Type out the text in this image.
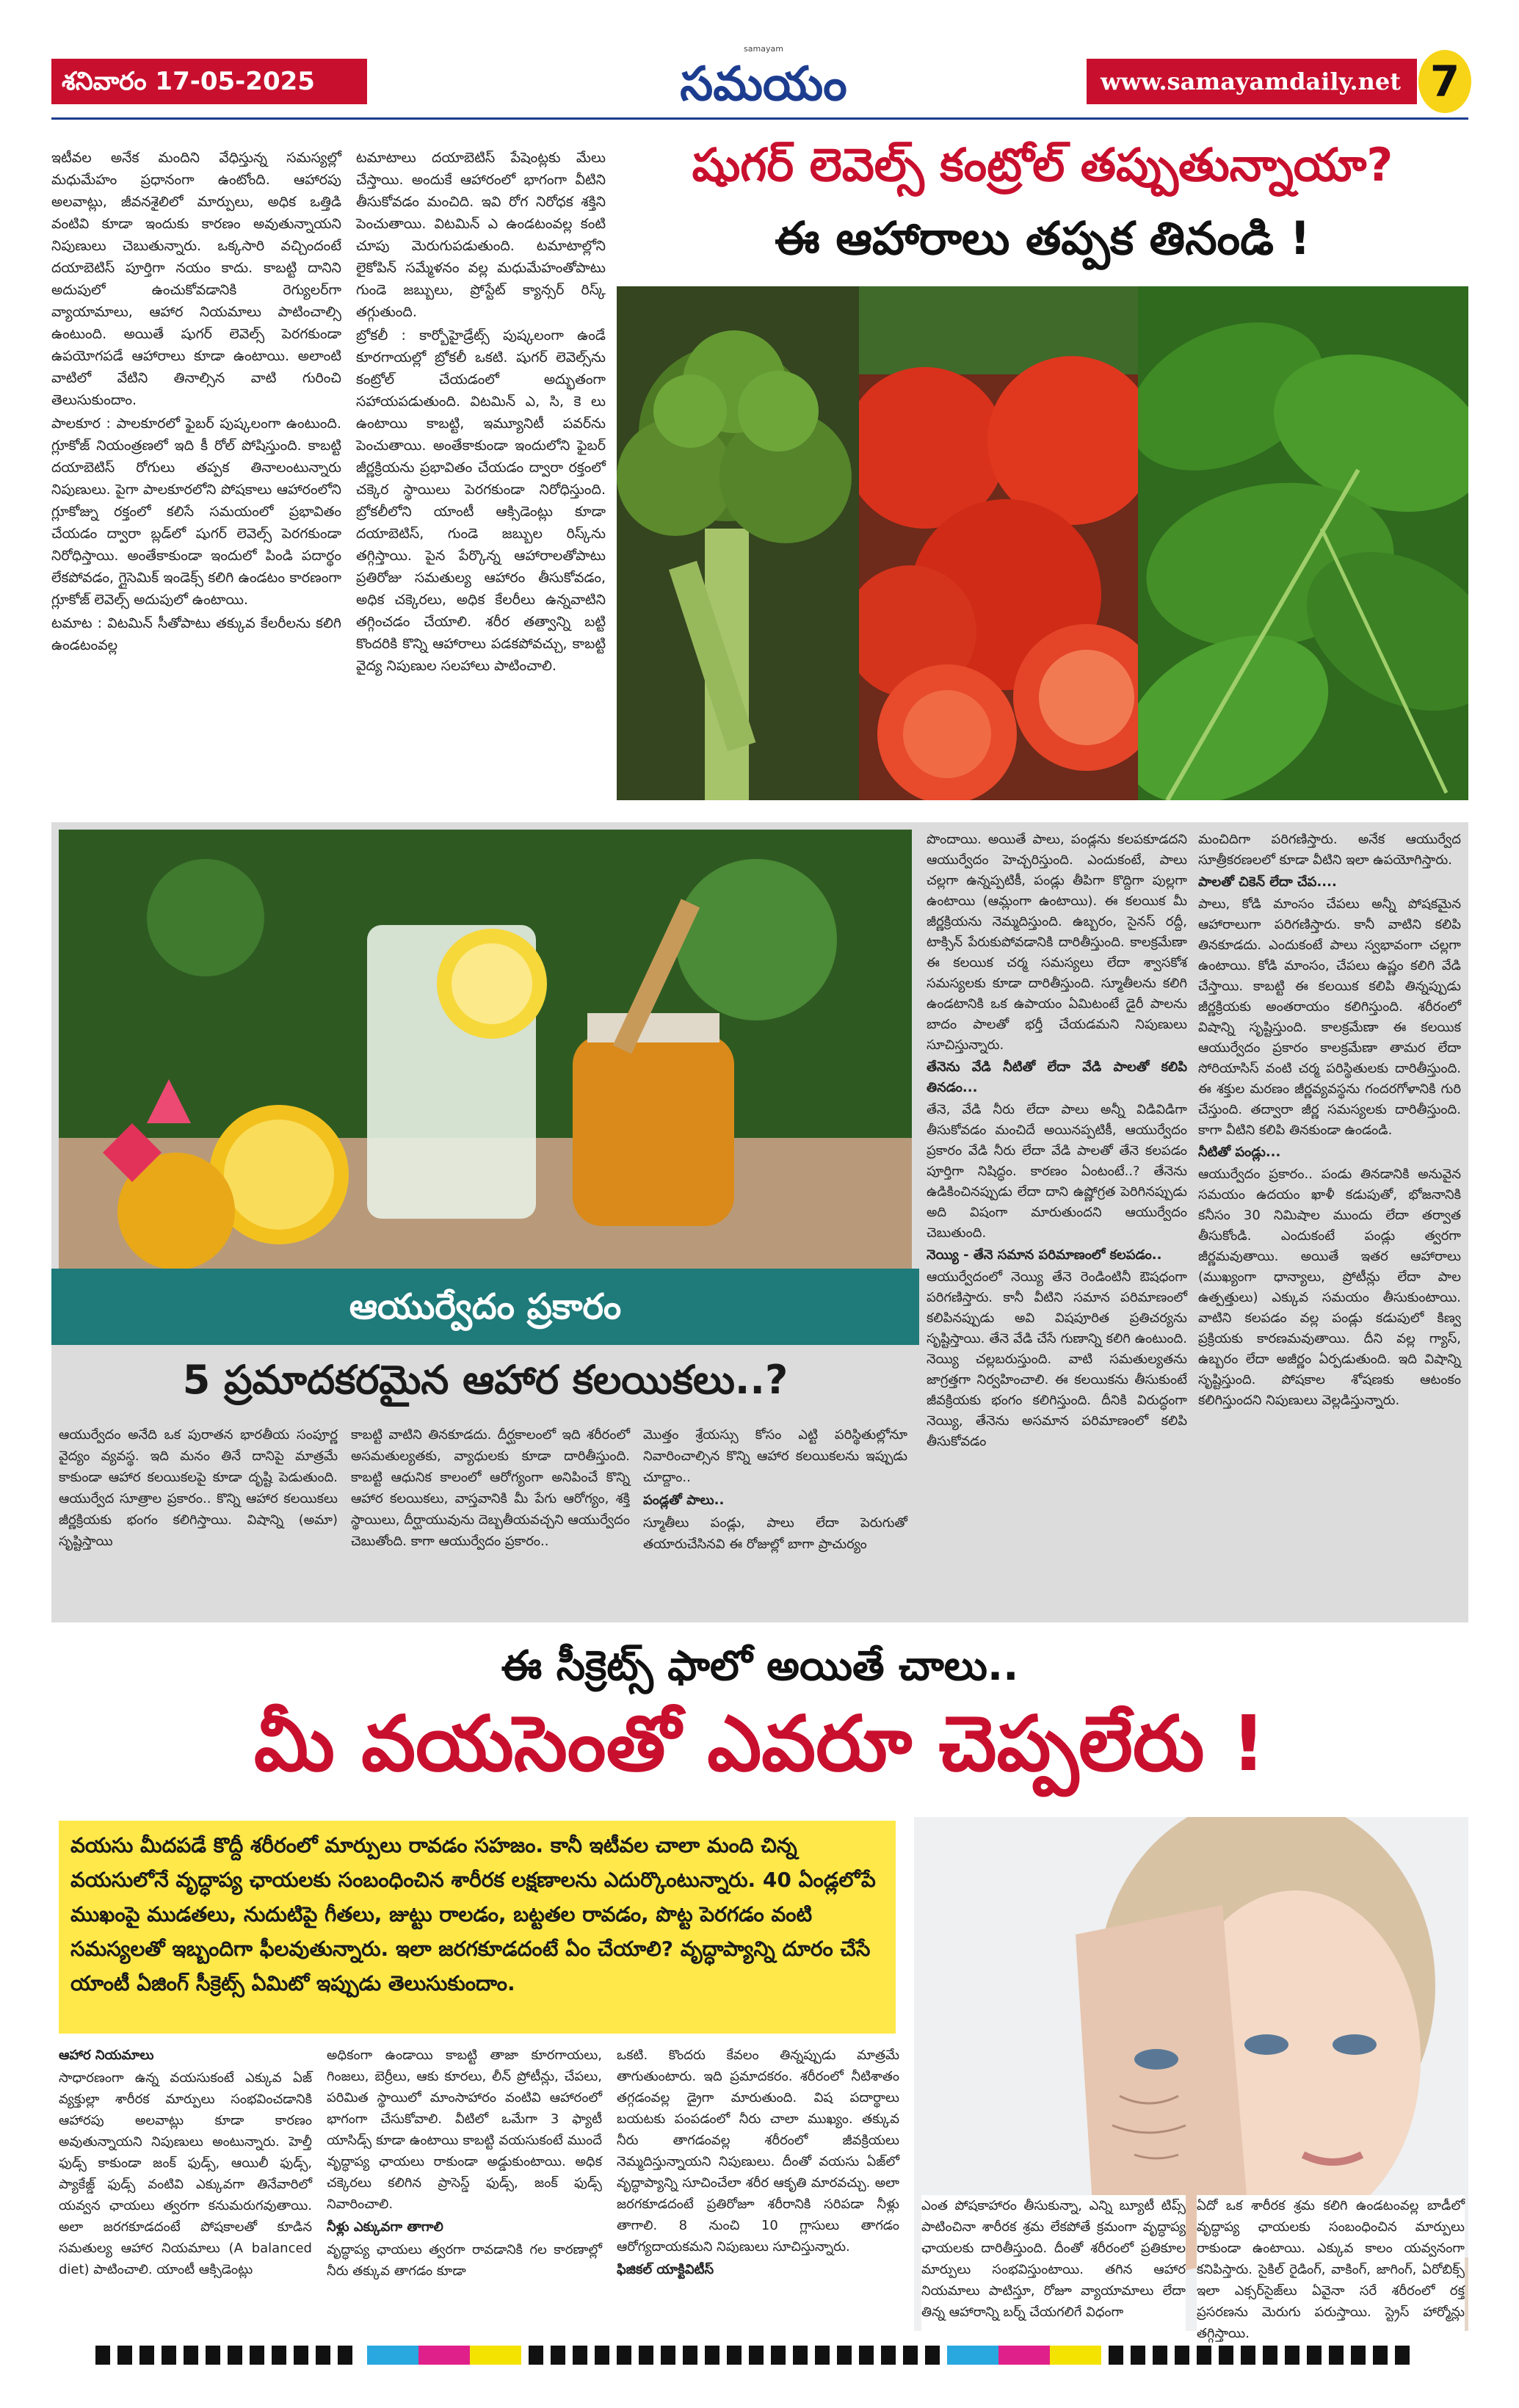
శనివారం 17-05-2025
samayam
సమయం	www.samayamdaily.net 7

ఇటీవల అనేక మందిని వేధిస్తున్న సమస్యల్లో మధుమేహం ప్రధానంగా ఉంటోంది. ఆహారపు అలవాట్లు, జీవనశైలిలో మార్పులు, అధిక ఒత్తిడి వంటివి కూడా ఇందుకు కారణం అవుతున్నాయని నిపుణులు చెబుతున్నారు. ఒక్కసారి వచ్చిందంటే దయాబెటిస్ పూర్తిగా నయం కాదు. కాబట్టి దానిని అదుపులో ఉంచుకోవడానికి రెగ్యులర్‌గా వ్యాయామాలు, ఆహార నియమాలు పాటించాల్సి ఉంటుంది. అయితే షుగర్ లెవెల్స్ పెరగకుండా ఉపయోగపడే ఆహారాలు కూడా ఉంటాయి. అలాంటి వాటిలో వేటిని తినాల్సిన వాటి గురించి తెలుసుకుందాం.

పాలకూర : పాలకూరలో ఫైబర్ పుష్కలంగా ఉంటుంది. గ్లూకోజ్ నియంత్రణలో ఇది కీ రోల్ పోషిస్తుంది. కాబట్టి దయాబెటిస్ రోగులు తప్పక తినాలంటున్నారు నిపుణులు. పైగా పాలకూరలోని పోషకాలు ఆహారంలోని గ్లూకోజ్ను రక్తంలో కలిసే సమయంలో ప్రభావితం చేయడం ద్వారా బ్లడ్‌లో షుగర్ లెవెల్స్ పెరగకుండా నిరోధిస్తాయి. అంతేకాకుండా ఇందులో పిండి పదార్థం లేకపోవడం, గ్లైసెమిక్ ఇండెక్స్ కలిగి ఉండటం కారణంగా గ్లూకోజ్ లెవెల్స్ అదుపులో ఉంటాయి.

టమాట : విటమిన్ సీతోపాటు తక్కువ కేలరీలను కలిగి ఉండటంవల్ల

టమాటాలు దయాబెటిస్ పేషెంట్లకు మేలు చేస్తాయి. అందుకే ఆహారంలో భాగంగా వీటిని తీసుకోవడం మంచిది. ఇవి రోగ నిరోధక శక్తిని పెంచుతాయి. విటమిన్ ఎ ఉండటంవల్ల కంటి చూపు మెరుగుపడుతుంది. టమాటాల్లోని లైకోపిన్ సమ్మేళనం వల్ల మధుమేహంతోపాటు గుండె జబ్బులు, ప్రోస్టేట్ క్యాన్సర్ రిస్క్ తగ్గుతుంది.

బ్రోకలీ : కార్బోహైడ్రేట్స్ పుష్కలంగా ఉండే కూరగాయల్లో బ్రోకలీ ఒకటి. షుగర్ లెవెల్స్‌ను కంట్రోల్ చేయడంలో అద్భుతంగా సహాయపడుతుంది. విటమిన్ ఎ, సి, కె లు ఉంటాయి కాబట్టి, ఇమ్యూనిటీ పవర్‌ను పెంచుతాయి. అంతేకాకుండా ఇందులోని ఫైబర్ జీర్ణక్రియను ప్రభావితం చేయడం ద్వారా రక్తంలో చక్కెర స్థాయిలు పెరగకుండా నిరోధిస్తుంది. బ్రోకలీలోని యాంటీ ఆక్సిడెంట్లు కూడా దయాబెటిస్, గుండె జబ్బుల రిస్క్‌ను తగ్గిస్తాయి. పైన పేర్కొన్న ఆహారాలతోపాటు ప్రతిరోజు సమతుల్య ఆహారం తీసుకోవడం, అధిక చక్కెరలు, అధిక కేలరీలు ఉన్నవాటిని తగ్గించడం చేయాలి. శరీర తత్వాన్ని బట్టి కొందరికి కొన్ని ఆహారాలు పడకపోవచ్చు, కాబట్టి వైద్య నిపుణుల సలహాలు పాటించాలి.

షుగర్ లెవెల్స్ కంట్రోల్ తప్పుతున్నాయా?
ఈ ఆహారాలు తప్పక తినండి !
ఆయుర్వేదం ప్రకారం
5 ప్రమాదకరమైన ఆహార కలయికలు..?

ఆయుర్వేదం అనేది ఒక పురాతన భారతీయ సంపూర్ణ వైద్యం వ్యవస్థ. ఇది మనం తినే దానిపై మాత్రమే కాకుండా ఆహార కలయికలపై కూడా దృష్టి పెడుతుంది. ఆయుర్వేద సూత్రాల ప్రకారం.. కొన్ని ఆహార కలయికలు జీర్ణక్రియకు భంగం కలిగిస్తాయి. విషాన్ని (అమా) సృష్టిస్తాయి

కాబట్టి వాటిని తినకూడదు. దీర్ఘకాలంలో ఇది శరీరంలో అసమతుల్యతకు, వ్యాధులకు కూడా దారితీస్తుంది. కాబట్టి ఆధునిక కాలంలో ఆరోగ్యంగా అనిపించే కొన్ని ఆహార కలయికలు, వాస్తవానికి మీ పేగు ఆరోగ్యం, శక్తి స్థాయిలు, దీర్ఘాయువును దెబ్బతీయవచ్చని ఆయుర్వేదం చెబుతోంది. కాగా ఆయుర్వేదం ప్రకారం..

మొత్తం శ్రేయస్సు కోసం ఎట్టి పరిస్థితుల్లోనూ నివారించాల్సిన కొన్ని ఆహార కలయికలను ఇప్పుడు చూద్దాం..

పండ్లతో పాలు..

స్మూతీలు పండ్లు, పాలు లేదా పెరుగుతో తయారుచేసినవి ఈ రోజుల్లో బాగా ప్రాచుర్యం

పొందాయి. అయితే పాలు, పండ్లను కలపకూడదని ఆయుర్వేదం హెచ్చరిస్తుంది. ఎందుకంటే, పాలు చల్లగా ఉన్నప్పటికీ, పండ్లు తీపిగా కొద్దిగా పుల్లగా ఉంటాయి (ఆమ్లంగా ఉంటాయి). ఈ కలయిక మీ జీర్ణక్రియను నెమ్మదిస్తుంది. ఉబ్బరం, సైనస్ రద్దీ, టాక్సిన్ పేరుకుపోవడానికి దారితీస్తుంది. కాలక్రమేణా ఈ కలయిక చర్మ సమస్యలు లేదా శ్వాసకోశ సమస్యలకు కూడా దారితీస్తుంది. స్మూతీలను కలిగి ఉండటానికి ఒక ఉపాయం ఏమిటంటే డైరీ పాలను బాదం పాలతో భర్తీ చేయడమని నిపుణులు సూచిస్తున్నారు.

తేనెను వేడి నీటితో లేదా వేడి పాలతో కలిపి తినడం...

తేనె, వేడి నీరు లేదా పాలు అన్నీ విడివిడిగా తీసుకోవడం మంచిదే అయినప్పటికీ, ఆయుర్వేదం ప్రకారం వేడి నీరు లేదా వేడి పాలతో తేనె కలపడం పూర్తిగా నిషిద్ధం. కారణం ఏంటంటే..? తేనెను ఉడికించినప్పుడు లేదా దాని ఉష్ణోగ్రత పెరిగినప్పుడు అది విషంగా మారుతుందని ఆయుర్వేదం చెబుతుంది.

నెయ్యి - తేనె సమాన పరిమాణంలో కలపడం..

ఆయుర్వేదంలో నెయ్యి తేనె రెండింటినీ ఔషధంగా పరిగణిస్తారు. కానీ వీటిని సమాన పరిమాణంలో కలిపినప్పుడు అవి విషపూరిత ప్రతిచర్యను సృష్టిస్తాయి. తేనె వేడి చేసే గుణాన్ని కలిగి ఉంటుంది. నెయ్యి చల్లబరుస్తుంది. వాటి సమతుల్యతను జాగ్రత్తగా నిర్వహించాలి. ఈ కలయికను తీసుకుంటే జీవక్రియకు భంగం కలిగిస్తుంది. దీనికి విరుద్ధంగా నెయ్యి, తేనెను అసమాన పరిమాణంలో కలిపి తీసుకోవడం

మంచిదిగా పరిగణిస్తారు. అనేక ఆయుర్వేద సూత్రీకరణలలో కూడా వీటిని ఇలా ఉపయోగిస్తారు.

పాలతో చికెన్ లేదా చేప....

పాలు, కోడి మాంసం చేపలు అన్నీ పోషకమైన ఆహారాలుగా పరిగణిస్తారు. కానీ వాటిని కలిపి తినకూడదు. ఎందుకంటే పాలు స్వభావంగా చల్లగా ఉంటాయి. కోడి మాంసం, చేపలు ఉష్ణం కలిగి వేడి చేస్తాయి. కాబట్టి ఈ కలయిక కలిపి తిన్నప్పుడు జీర్ణక్రియకు అంతరాయం కలిగిస్తుంది. శరీరంలో విషాన్ని సృష్టిస్తుంది. కాలక్రమేణా ఈ కలయిక ఆయుర్వేదం ప్రకారం కాలక్రమేణా తామర లేదా సోరియాసిస్ వంటి చర్మ పరిస్థితులకు దారితీస్తుంది. ఈ శక్తుల మరణం జీర్ణవ్యవస్థను గందరగోళానికి గురి చేస్తుంది. తద్వారా జీర్ణ సమస్యలకు దారితీస్తుంది. కాగా వీటిని కలిపి తినకుండా ఉండండి.

నీటితో పండ్లు...

ఆయుర్వేదం ప్రకారం.. పండు తినడానికి అనువైన సమయం ఉదయం ఖాళీ కడుపుతో, భోజనానికి కనీసం 30 నిమిషాల ముందు లేదా తర్వాత తీసుకోండి. ఎందుకంటే పండ్లు త్వరగా జీర్ణమవుతాయి. అయితే ఇతర ఆహారాలు (ముఖ్యంగా ధాన్యాలు, ప్రోటీన్లు లేదా పాల ఉత్పత్తులు) ఎక్కువ సమయం తీసుకుంటాయి. వాటిని కలపడం వల్ల పండ్లు కడుపులో కిణ్వ ప్రక్రియకు కారణమవుతాయి. దీని వల్ల గ్యాస్, ఉబ్బరం లేదా అజీర్ణం ఏర్పడుతుంది. ఇది విషాన్ని సృష్టిస్తుంది. పోషకాల శోషణకు ఆటంకం కలిగిస్తుందని నిపుణులు వెల్లడిస్తున్నారు.

ఈ సీక్రెట్స్ ఫాలో అయితే చాలు..
మీ వయసెంతో ఎవరూ చెప్పలేరు !
వయసు మీదపడే కొద్దీ శరీరంలో మార్పులు రావడం సహజం. కానీ ఇటీవల చాలా మంది చిన్న వయసులోనే వృద్ధాప్య ఛాయలకు సంబంధించిన శారీరక లక్షణాలను ఎదుర్కొంటున్నారు. 40 ఏండ్లలోపే ముఖంపై ముడతలు, నుదుటిపై గీతలు, జుట్టు రాలడం, బట్టతల రావడం, పొట్ట పెరగడం వంటి సమస్యలతో ఇబ్బందిగా ఫీలవుతున్నారు. ఇలా జరగకూడదంటే ఏం చేయాలి? వృద్ధాప్యాన్ని దూరం చేసే యాంటీ ఏజింగ్ సీక్రెట్స్ ఏమిటో ఇప్పుడు తెలుసుకుందాం.

ఆహార నియమాలు

సాధారణంగా ఉన్న వయసుకంటే ఎక్కువ ఏజ్ వ్యక్తుల్లా శారీరక మార్పులు సంభవించడానికి ఆహారపు అలవాట్లు కూడా కారణం అవుతున్నాయని నిపుణులు అంటున్నారు. హెల్తీ ఫుడ్స్ కాకుండా జంక్ ఫుడ్స్, ఆయిలీ ఫుడ్స్, ప్యాకేజ్డ్ ఫుడ్స్ వంటివి ఎక్కువగా తినేవారిలో యవ్వన ఛాయలు త్వరగా కనుమరుగవుతాయి. అలా జరగకూడదంటే పోషకాలతో కూడిన సమతుల్య ఆహార నియమాలు (A balanced diet) పాటించాలి. యాంటీ ఆక్సిడెంట్లు

అధికంగా ఉండాయి కాబట్టి తాజా కూరగాయలు, గింజలు, బెర్రీలు, ఆకు కూరలు, లీన్ ప్రోటీన్లు, చేపలు, పరిమిత స్థాయిలో మాంసాహారం వంటివి ఆహారంలో భాగంగా చేసుకోవాలి. వీటిలో ఒమేగా 3 ఫ్యాటీ యాసిడ్స్ కూడా ఉంటాయి కాబట్టి వయసుకంటే ముందే వృద్ధాప్య ఛాయలు రాకుండా అడ్డుకుంటాయి. అధిక చక్కెరలు కలిగిన ప్రాసెస్డ్ ఫుడ్స్, జంక్ ఫుడ్స్ నివారించాలి.

నీళ్లు ఎక్కువగా తాగాలి

వృద్ధాప్య ఛాయలు త్వరగా రావడానికి గల కారణాల్లో నీరు తక్కువ తాగడం కూడా

ఒకటి. కొందరు కేవలం తిన్నప్పుడు మాత్రమే తాగుతుంటారు. ఇది ప్రమాదకరం. శరీరంలో నీటిశాతం తగ్గడంవల్ల డ్రైగా మారుతుంది. విష పదార్థాలు బయటకు పంపడంలో నీరు చాలా ముఖ్యం. తక్కువ నీరు తాగడంవల్ల శరీరంలో జీవక్రియలు నెమ్మదిస్తున్నాయని నిపుణులు. దీంతో వయసు ఏజ్‌లో వృద్ధాప్యాన్ని సూచించేలా శరీర ఆకృతి మారవచ్చు. అలా జరగకూడదంటే ప్రతిరోజూ శరీరానికి సరిపడా నీళ్లు తాగాలి. 8 నుంచి 10 గ్లాసులు తాగడం ఆరోగ్యదాయకమని నిపుణులు సూచిస్తున్నారు.

ఫిజికల్ యాక్టివిటీస్

ఎంత పోషకాహారం తీసుకున్నా, ఎన్ని బ్యూటీ టిప్స్ పాటించినా శారీరక శ్రమ లేకపోతే క్రమంగా వృద్ధాప్య ఛాయలకు దారితీస్తుంది. దీంతో శరీరంలో ప్రతికూల మార్పులు సంభవిస్తుంటాయి. తగిన ఆహార నియమాలు పాటిస్తూ, రోజూ వ్యాయామాలు లేదా తిన్న ఆహారాన్ని బర్న్ చేయగలిగే విధంగా

ఏదో ఒక శారీరక శ్రమ కలిగి ఉండటంవల్ల బాడీలో వృద్ధాప్య ఛాయలకు సంబంధించిన మార్పులు రాకుండా ఉంటాయి. ఎక్కువ కాలం యవ్వనంగా కనిపిస్తారు. సైకిల్ రైడింగ్, వాకింగ్, జాగింగ్, ఏరోబిక్స్ ఇలా ఎక్సర్‌సైజ్‌లు ఏవైనా సరే శరీరంలో రక్త ప్రసరణను మెరుగు పరుస్తాయి. స్ట్రెస్ హార్మోన్లు తగ్గిస్తాయి.
